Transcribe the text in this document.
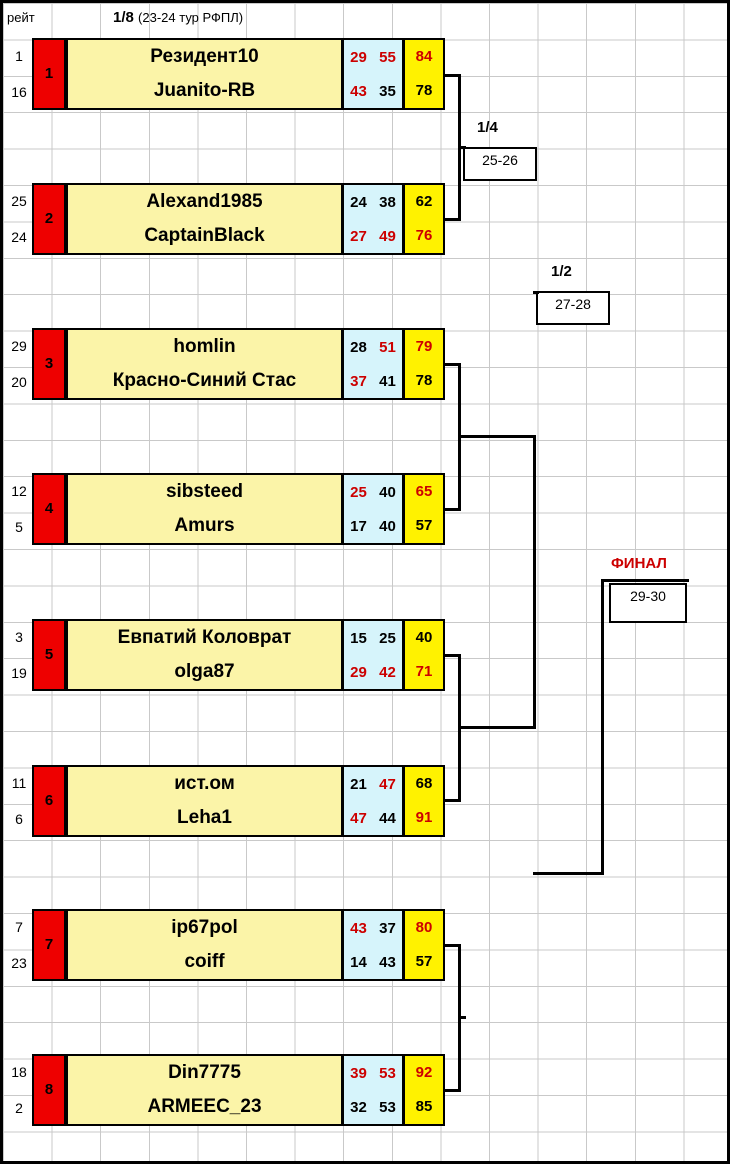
рейт	1/8 (23-24 тур РФПЛ)
1/4
1/2
ФИНАЛ
25-26
27-28
29-30
1
16
1
Резидент10
Juanito-RB
29 55
43 35
84
78
25
24
2
Alexand1985
CaptainBlack
24 38
27 49
62
76
29
20
3
homlin
Красно-Синий Стас
28 51
37 41
79
78
12
5
4
sibsteed
Amurs
25 40
17 40
65
57
3
19
5
Евпатий Коловрат
olga87
15 25
29 42
40
71
11
6
6
ист.ом
Leha1
21 47
47 44
68
91
7
23
7
ip67pol
coiff
43 37
14 43
80
57
18
2
8
Din7775
ARMEEC_23
39 53
32 53
92
85
